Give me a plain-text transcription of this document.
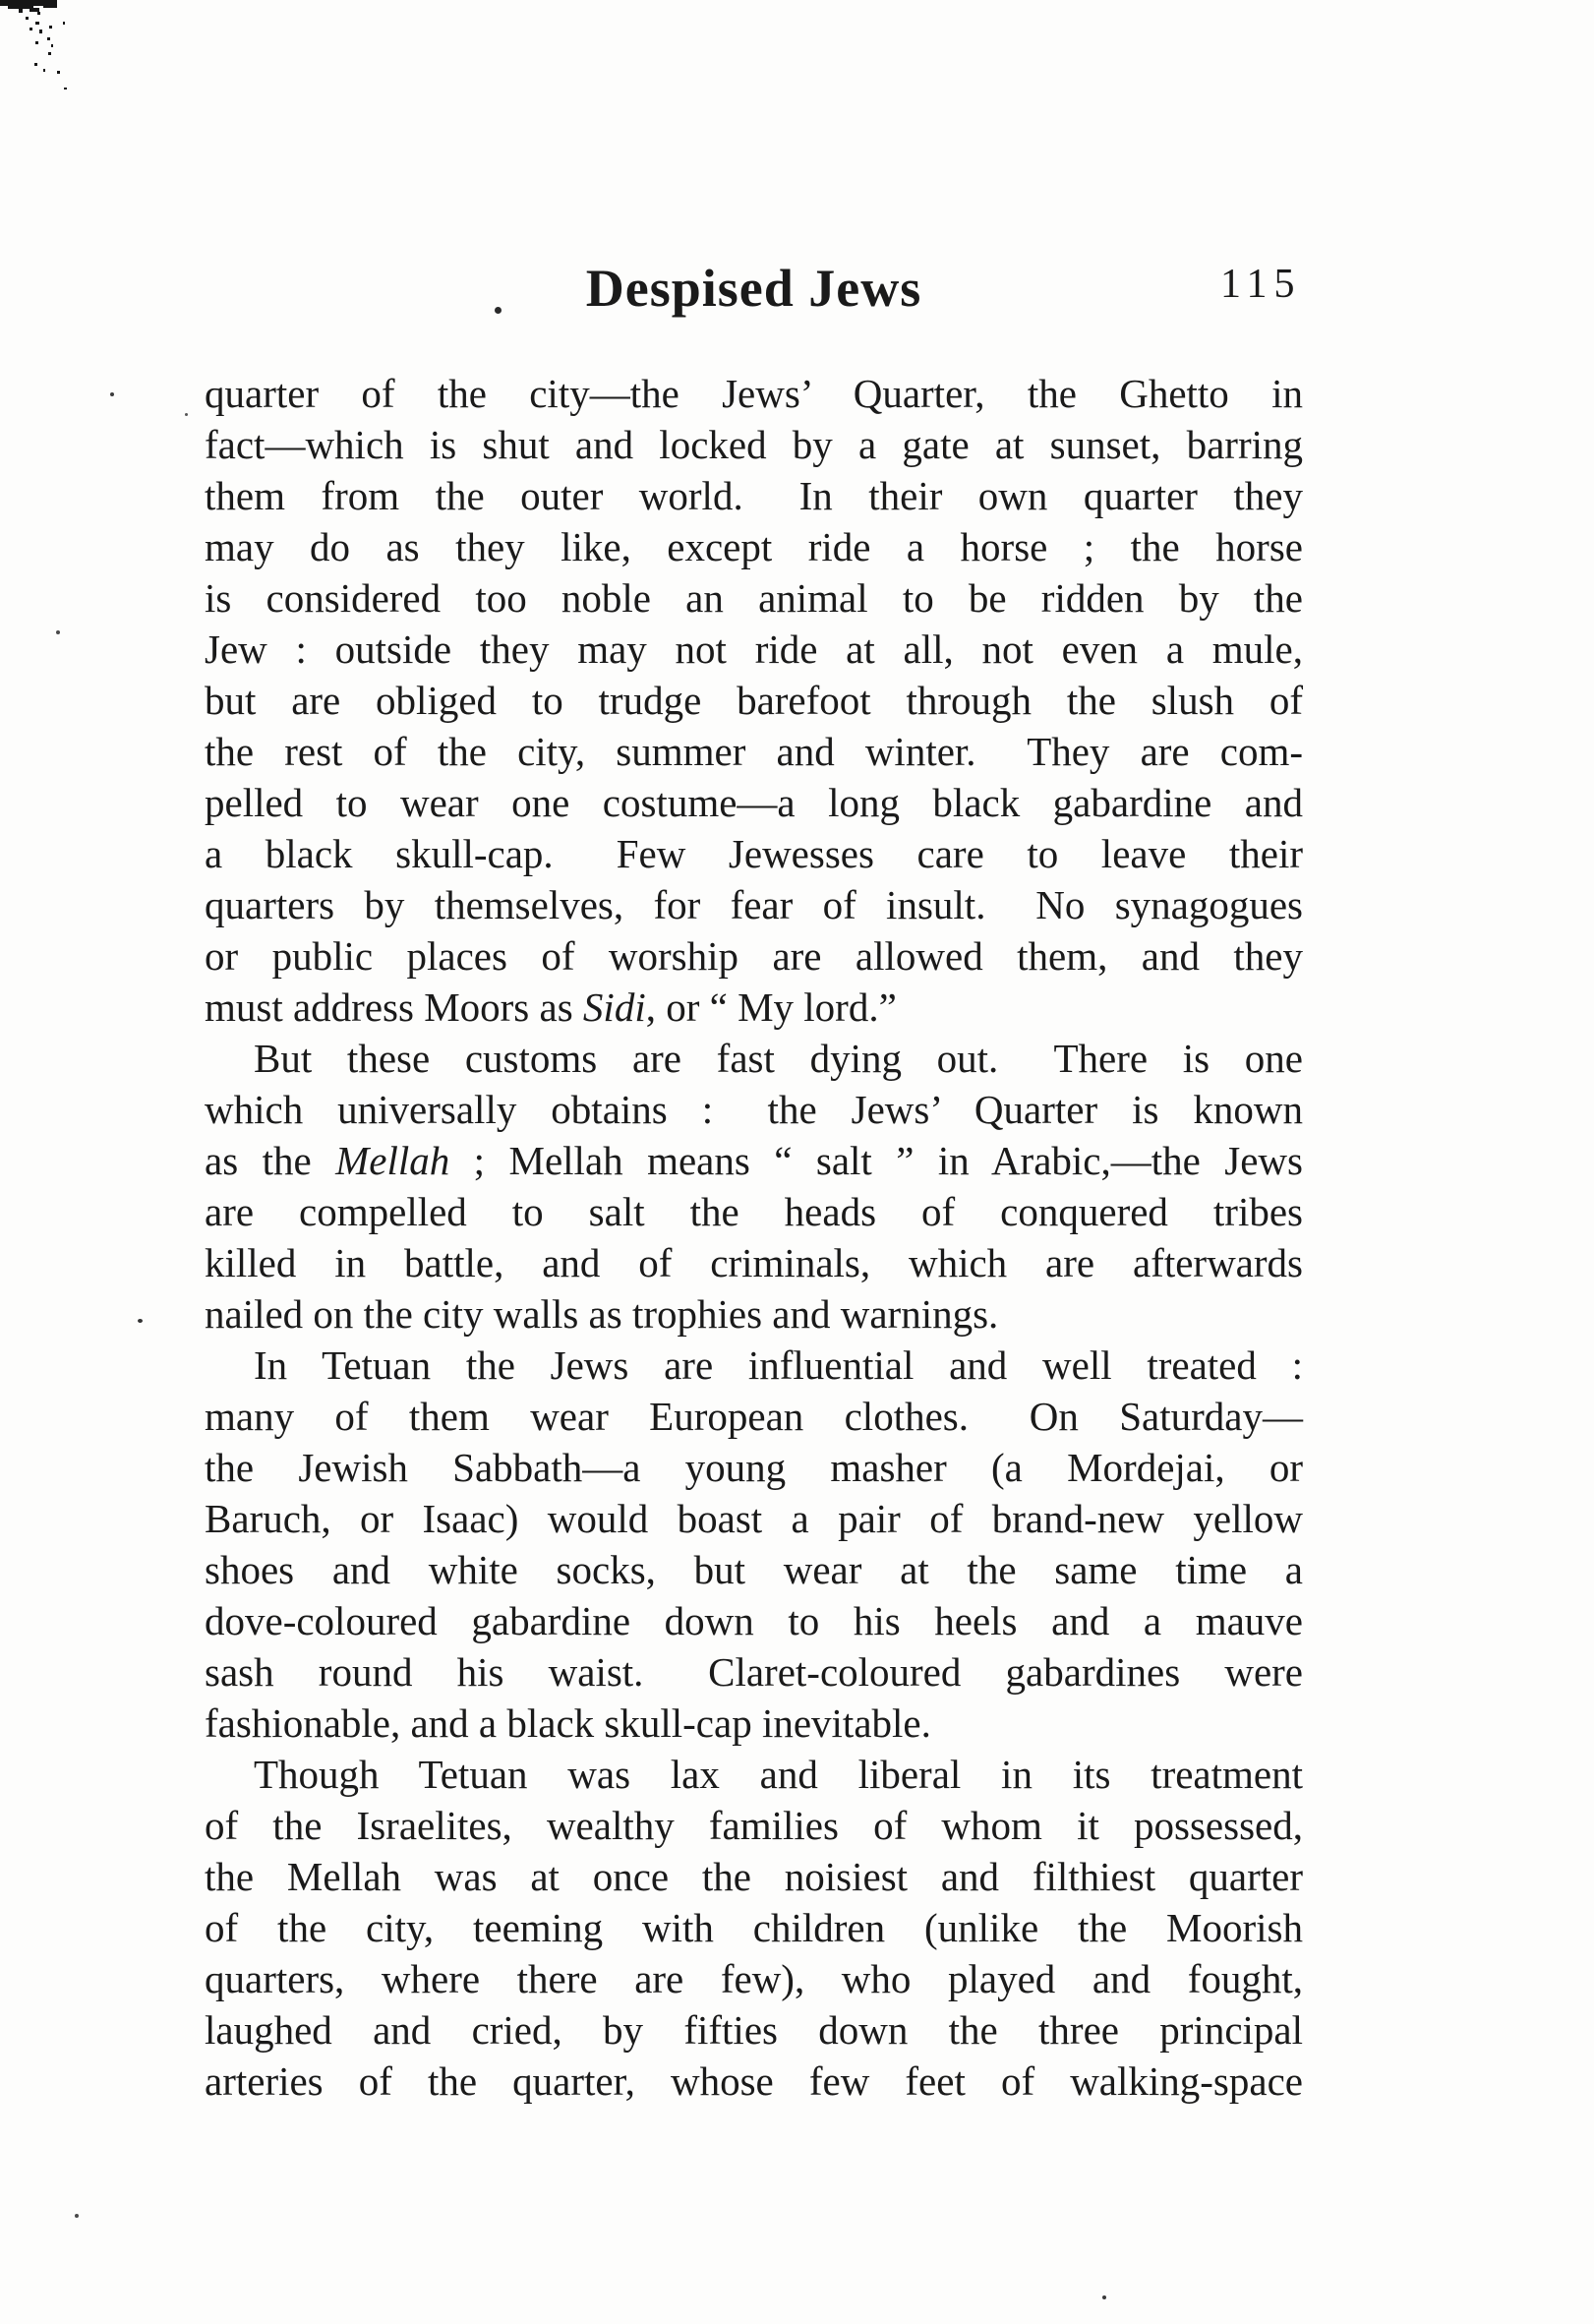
Despised Jews	115
quarter of the city—the Jews’ Quarter, the Ghetto in
fact—which is shut and locked by a gate at sunset, barring
them from the outer world.  In their own quarter they
may do as they like, except ride a horse ; the horse
is considered too noble an animal to be ridden by the
Jew : outside they may not ride at all, not even a mule,
but are obliged to trudge barefoot through the slush of
the rest of the city, summer and winter.  They are com-
pelled to wear one costume—a long black gabardine and
a black skull-cap.  Few Jewesses care to leave their
quarters by themselves, for fear of insult.  No synagogues
or public places of worship are allowed them, and they
must address Moors as Sidi, or “ My lord.”
But these customs are fast dying out.  There is one
which universally obtains :  the Jews’ Quarter is known
as the Mellah ; Mellah means “ salt ” in Arabic,—the Jews
are compelled to salt the heads of conquered tribes
killed in battle, and of criminals, which are afterwards
nailed on the city walls as trophies and warnings.
In Tetuan the Jews are influential and well treated :
many of them wear European clothes.  On Saturday—
the Jewish Sabbath—a young masher (a Mordejai, or
Baruch, or Isaac) would boast a pair of brand-new yellow
shoes and white socks, but wear at the same time a
dove-coloured gabardine down to his heels and a mauve
sash round his waist.  Claret-coloured gabardines were
fashionable, and a black skull-cap inevitable.
Though Tetuan was lax and liberal in its treatment
of the Israelites, wealthy families of whom it possessed,
the Mellah was at once the noisiest and filthiest quarter
of the city, teeming with children (unlike the Moorish
quarters, where there are few), who played and fought,
laughed and cried, by fifties down the three principal
arteries of the quarter, whose few feet of walking-space
